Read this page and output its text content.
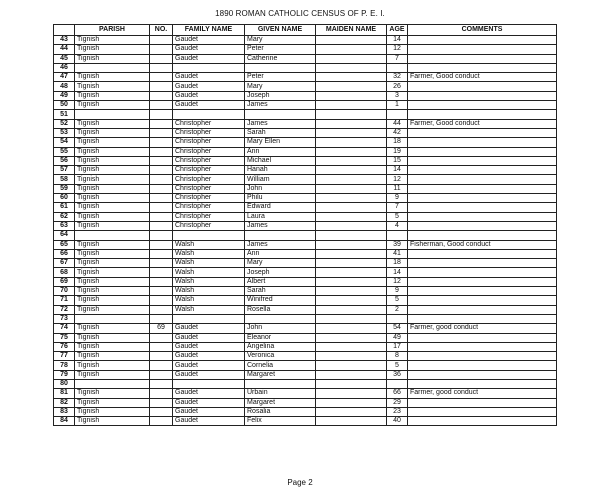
1890 ROMAN CATHOLIC CENSUS OF P. E. I.
	PARISH	NO.	FAMILY NAME	GIVEN NAME	MAIDEN NAME	AGE	COMMENTS
43	Tignish		Gaudet	Mary		14	
44	Tignish		Gaudet	Peter		12	
45	Tignish		Gaudet	Catherine		7	
46							
47	Tignish		Gaudet	Peter		32	Farmer, Good conduct
48	Tignish		Gaudet	Mary		26	
49	Tignish		Gaudet	Joseph		3	
50	Tignish		Gaudet	James		1	
51							
52	Tignish		Christopher	James		44	Farmer, Good conduct
53	Tignish		Christopher	Sarah		42	
54	Tignish		Christopher	Mary Ellen		18	
55	Tignish		Christopher	Ann		19	
56	Tignish		Christopher	Michael		15	
57	Tignish		Christopher	Hanah		14	
58	Tignish		Christopher	William		12	
59	Tignish		Christopher	John		11	
60	Tignish		Christopher	Philu		9	
61	Tignish		Christopher	Edward		7	
62	Tignish		Christopher	Laura		5	
63	Tignish		Christopher	James		4	
64							
65	Tignish		Walsh	James		39	Fisherman, Good conduct
66	Tignish		Walsh	Ann		41	
67	Tignish		Walsh	Mary		18	
68	Tignish		Walsh	Joseph		14	
69	Tignish		Walsh	Albert		12	
70	Tignish		Walsh	Sarah		9	
71	Tignish		Walsh	Winifred		5	
72	Tignish		Walsh	Rosella		2	
73							
74	Tignish	69	Gaudet	John		54	Farmer, good conduct
75	Tignish		Gaudet	Eleanor		49	
76	Tignish		Gaudet	Angelina		17	
77	Tignish		Gaudet	Veronica		8	
78	Tignish		Gaudet	Cornelia		5	
79	Tignish		Gaudet	Margaret		36	
80							
81	Tignish		Gaudet	Urbain		66	Farmer, good conduct
82	Tignish		Gaudet	Margaret		29	
83	Tignish		Gaudet	Rosalia		23	
84	Tignish		Gaudet	Felix		40	
Page 2
